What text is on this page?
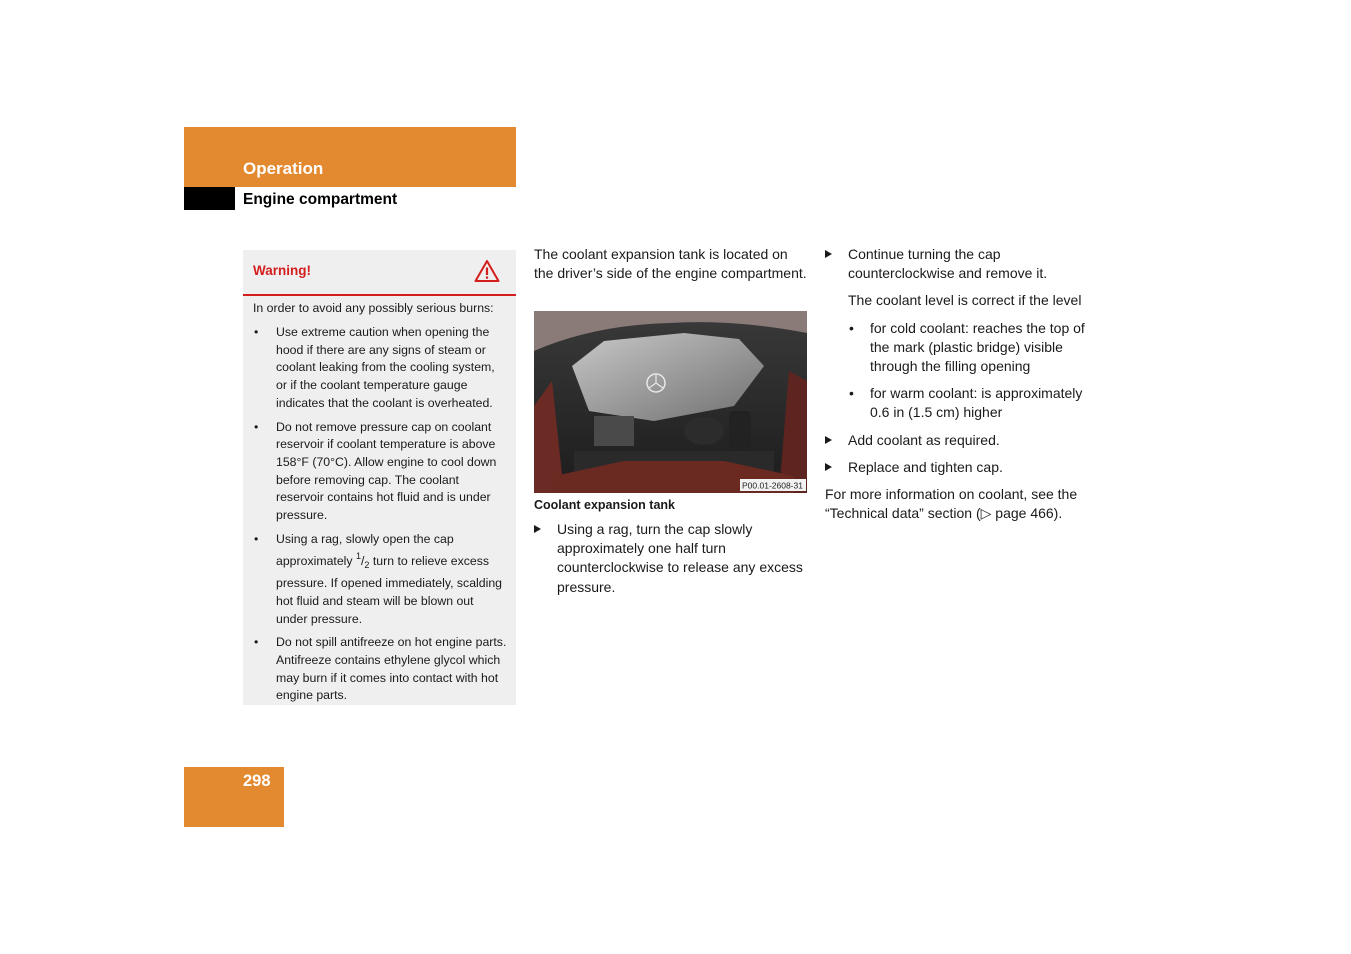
Operation
Engine compartment
Warning!
In order to avoid any possibly serious burns:
• Use extreme caution when opening the hood if there are any signs of steam or coolant leaking from the cooling system, or if the coolant temperature gauge indicates that the coolant is overheated.
• Do not remove pressure cap on coolant reservoir if coolant temperature is above 158°F (70°C). Allow engine to cool down before removing cap. The coolant reservoir contains hot fluid and is under pressure.
• Using a rag, slowly open the cap approximately $^1/_2$ turn to relieve excess pressure. If opened immediately, scalding hot fluid and steam will be blown out under pressure.
• Do not spill antifreeze on hot engine parts. Antifreeze contains ethylene glycol which may burn if it comes into contact with hot engine parts.

The coolant expansion tank is located on the driver’s side of the engine compartment.

P00.01-2608-31
Coolant expansion tank
Using a rag, turn the cap slowly approximately one half turn counterclockwise to release any excess pressure.
Continue turning the cap counterclockwise and remove it.
The coolant level is correct if the level
• for cold coolant: reaches the top of the mark (plastic bridge) visible through the filling opening
• for warm coolant: is approximately 0.6 in (1.5 cm) higher
Add coolant as required.
Replace and tighten cap.

For more information on coolant, see the “Technical data” section (▷ page 466).

298
